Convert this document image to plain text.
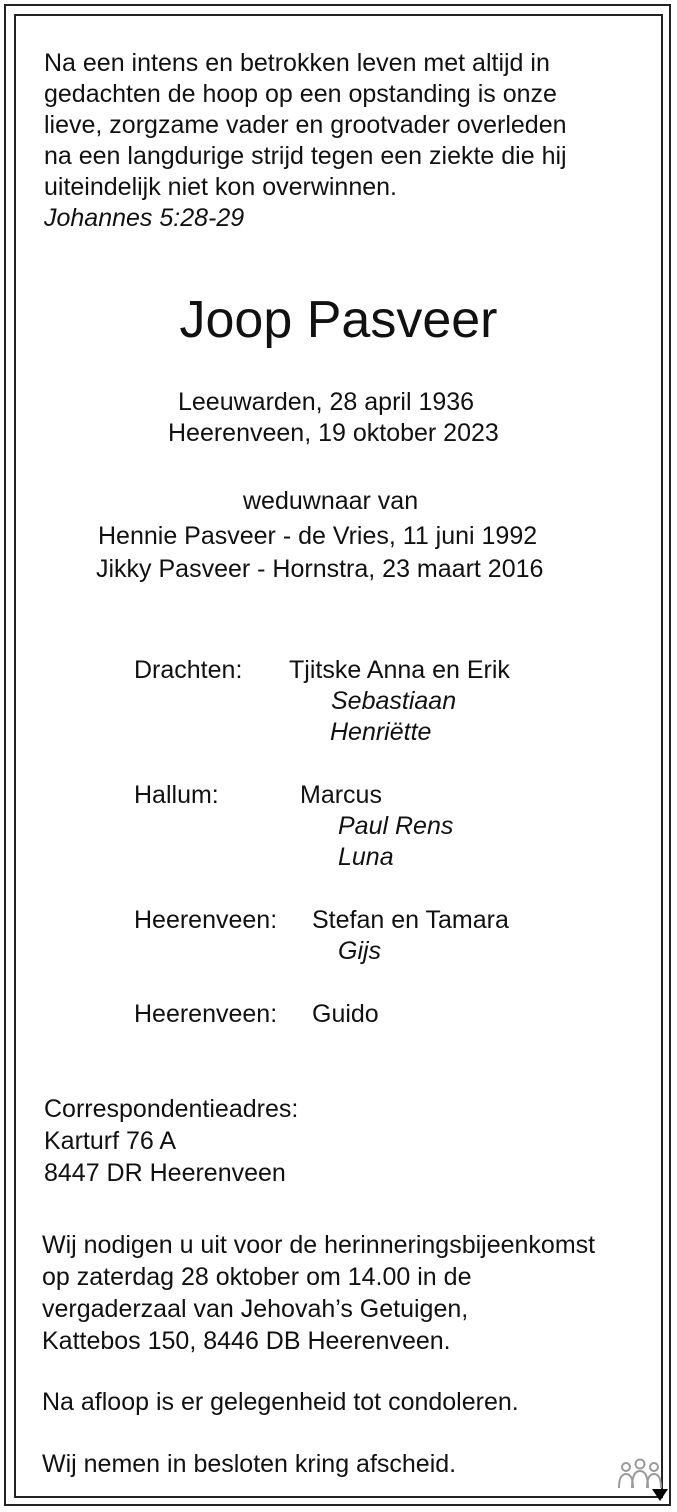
Na een intens en betrokken leven met altijd in
gedachten de hoop op een opstanding is onze
lieve, zorgzame vader en grootvader overleden
na een langdurige strijd tegen een ziekte die hij
uiteindelijk niet kon overwinnen.
Johannes 5:28-29
Joop Pasveer
Leeuwarden, 28 april 1936
Heerenveen, 19 oktober 2023
weduwnaar van
Hennie Pasveer - de Vries, 11 juni 1992
Jikky Pasveer - Hornstra, 23 maart 2016
Drachten: Tjitske Anna en Erik
Sebastiaan
Henriëtte
Hallum:	Marcus
Paul Rens
Luna
Heerenveen: Stefan en Tamara
Gijs
Heerenveen: Guido
Correspondentieadres:
Karturf 76 A
8447 DR Heerenveen
Wij nodigen u uit voor de herinneringsbijeenkomst
op zaterdag 28 oktober om 14.00 in de
vergaderzaal van Jehovah’s Getuigen,
Kattebos 150, 8446 DB Heerenveen.
Na afloop is er gelegenheid tot condoleren.
Wij nemen in besloten kring afscheid.
